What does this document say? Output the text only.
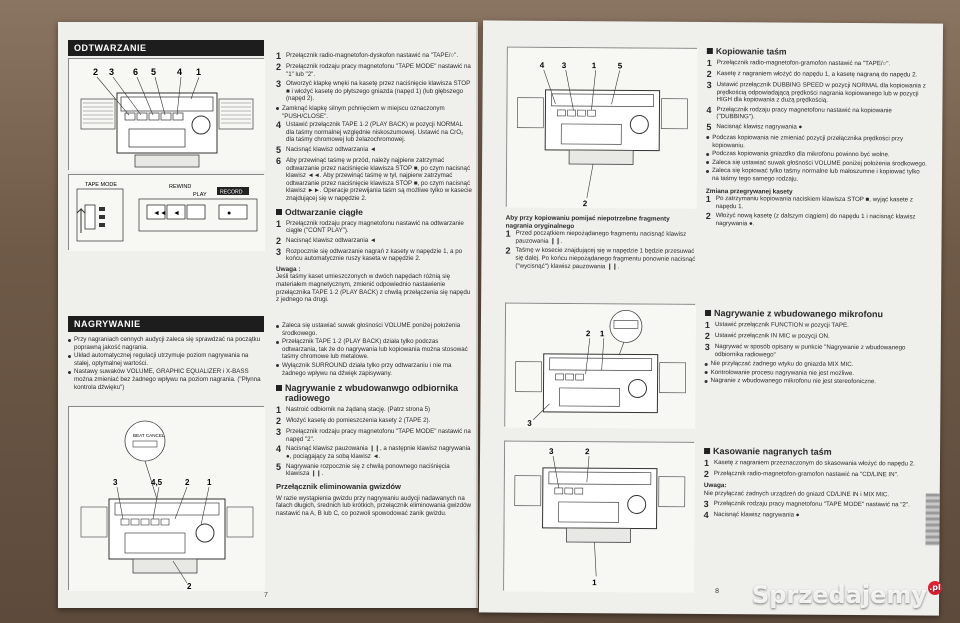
ODTWARZANIE
2 3 6 5 4 1
TAPE MODE
◄◄ ◄	●
REWIND
PLAY	RECORD
1 Przełącznik radio-magnetofon-dyskofon nastawić na "TAPE/○".
2 Przełącznik rodzaju pracy magnetofonu "TAPE MODE" nastawić na "1" lub "2".
3 Otworzyć klapkę wnęki na kasetę przez naciśnięcie klawisza STOP ■ i włożyć kasetę do płytszego gniazda (napęd 1) (lub głębszego (napęd 2).
Zamknąć klapkę silnym pchnięciem w miejscu oznaczonym "PUSH/CLOSE".
4 Ustawić przełącznik TAPE 1·2 (PLAY BACK) w pozycji NORMAL dla taśmy normalnej względnie niskoszumowej. Ustawić na CrO₂ dla taśmy chromowej lub żelazochromowej.
5 Nacisnąć klawisz odtwarzania ◄
6 Aby przewinąć taśmę w przód, należy najpierw zatrzymać odtwarzanie przez naciśnięcie klawisza STOP ■, po czym nacisnąć klawisz ◄◄. Aby przewinąć taśmę w tył, najpierw zatrzymać odtwarzanie przez naciśnięcie klawisza STOP ■, po czym nacisnąć klawisz ►►. Operacje przewijania taśm są możliwe tylko w kasecie znajdującej się w napędzie 2.
Odtwarzanie ciągłe
1 Przełącznik rodzaju pracy magnetofonu nastawić na odtwarzanie ciągłe ("CONT PLAY").
2 Nacisnąć klawisz odtwarzania ◄
3 Rozpocznie się odtwarzanie nagrań z kasety w napędzie 1, a po końcu automatycznie ruszy kaseta w napędzie 2.
Uwaga :
Jeśli taśmy kaset umieszczonych w dwóch napędach różnią się materiałem magnetycznym, zmienić odpowiednio nastawienie przełącznika TAPE 1·2 (PLAY BACK) z chwilą przełączenia się napędu z jednego na drugi.
NAGRYWANIE
Przy nagraniach cennych audycji zaleca się sprawdzać na początku poprawną jakość nagrania.
Układ automatycznej regulacji utrzymuje poziom nagrywania na stałej, optymalnej wartości.
Nastawy suwaków VOLUME, GRAPHIC EQUALIZER i X-BASS można zmieniać bez żadnego wpływu na poziom nagrania. ("Płynna kontrola dźwięku")
Zaleca się ustawiać suwak głośności VOLUME poniżej położenia środkowego.
Przełącznik TAPE 1·2 (PLAY BACK) działa tylko podczas odtwarzania, tak że do nagrywania lub kopiowania można stosować taśmy chromowe lub metalowe.
Wyłącznik SURROUND działa tylko przy odtwarzaniu i nie ma żadnego wpływu na dźwięk zapisywany.
Nagrywanie z wbudowanwgo odbiornika radiowego
1 Nastroić odbiornik na żądaną stację. (Patrz strona 5)
2 Włożyć kasetę do pomieszczenia kasety 2 (TAPE 2).
3 Przełącznik rodzaju pracy magnetofonu "TAPE MODE" nastawić na napęd "2".
4 Nacisnąć klawisz pauzowania ❙❙, a następnie klawisz nagrywania ●, pociągający za sobą klawisz ◄.
5 Nagrywanie rozpocznie się z chwilą ponownego naciśnięcia klawisza ❙❙.
Przełącznik eliminowania gwizdów
W razie wystąpienia gwizdu przy nagrywaniu audycji nadawanych na falach długich, średnich lub krótkich, przełącznik eliminowania gwizdów nastawić na A, B lub C, co pozwoli spowodować zanik gwizdu.
BEAT CANCEL
3	4,5	2 1
2
7
4 3	1	5
2
Kopiowanie taśm
1 Przełącznik radio-magnetofon-gramofon nastawić na "TAPE/○".
2 Kasetę z nagraniem włożyć do napędu 1, a kasetę nagraną do napędu 2.
3 Ustawić przełącznik DUBBING SPEED w pozycji NORMAL dla kopiowania z prędkością odpowiadającą prędkości nagrania kopiowanego lub w pozycji HIGH dla kopiowania z dużą prędkością.
4 Przełącznik rodzaju pracy magnetofonu nastawić na kopiowanie ("DUBBING").
5 Nacisnąć klawisz nagrywania ●
Podczas kopiowania nie zmieniać pozycji przełącznika prędkości przy kopiowaniu.
Podczas kopiowania gniazdko dla mikrofonu powinno być wolne.
Zaleca się ustawiać suwak głośności VOLUME poniżej położenia środkowego.
Zaleca się kopiować tylko taśmy normalne lub małoszumne i kopiować tylko na taśmy tego samego rodzaju.
Zmiana przegrywanej kasety
1 Po zatrzymaniu kopiowania naciskiem klawisza STOP ■, wyjąć kasete z napędu 1.
2 Włożyć nową kasetę (z dalszym ciągiem) do napędu 1 i nacisnąć klawisz nagrywania ●.
Aby przy kopiowaniu pomijać niepotrzebne fragmenty nagrania oryginalnego
1 Przed początkiem niepożądanego fragmentu nacisnąć klawisz pauzowania ❙❙.
2 Taśmę w kosecie znajdującej się w napędzie 1 będzie przesuwać się dalej. Po końcu niepożądanego fragmentu ponownie nacisnąć ("wycisnąć") klawisz pauzowania ❙❙.
2 1
3
Nagrywanie z wbudowanego mikrofonu
1 Ustawić przełącznik FUNCTION w pozycji TAPE.
2 Ustawić przełącznik IN MIC w pozycji ON.
3 Nagrywać w sposób opisany w punkcie "Nagrywanie z wbudowanego odbiornika radiowego"
Nie przyłączać żadnego wtyku do gniazda MIX MIC.
Kontrolowanie procesu nagrywania nie jest możliwe.
Nagranie z wbudowanego mikrofonu nie jest stereofoniczne.
3	2
1
Kasowanie nagranych taśm
1 Kasetę z nagraniem przeznaczonym do skasowania włożyć do napędu 2.
2 Przełącznik radio-magnetofon-gramofon nastawić na "CD/LINE IN".
Uwaga:
Nie przyłączać żadnych urządzeń do gniazd CD/LINE IN i MIX MIC.
3 Przełącznik rodzaju pracy magnetofonu "TAPE MODE" nastawić na "2".
4 Nacisnąć klawisz nagrywania ●
8 Sprzedajemy .pl
